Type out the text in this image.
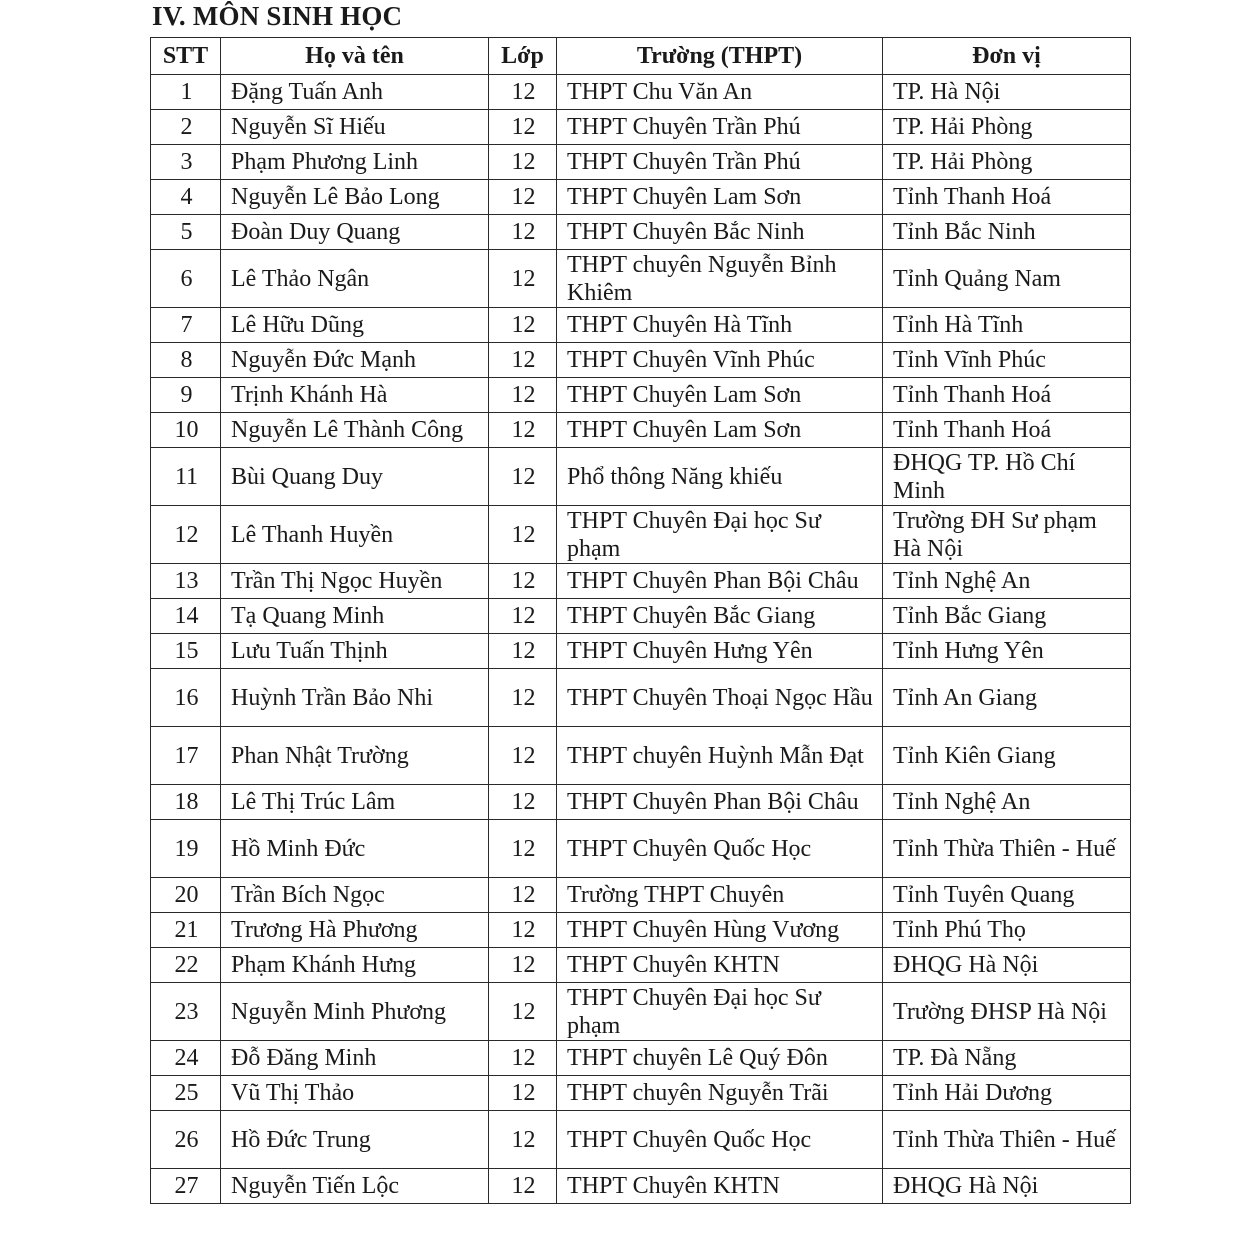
IV. MÔN SINH HỌC
STT	Họ và tên	Lớp	Trường (THPT)	Đơn vị
1	Đặng Tuấn Anh	12	THPT Chu Văn An	TP. Hà Nội
2	Nguyễn Sĩ Hiếu	12	THPT Chuyên Trần Phú	TP. Hải Phòng
3	Phạm Phương Linh	12	THPT Chuyên Trần Phú	TP. Hải Phòng
4	Nguyễn Lê Bảo Long	12	THPT Chuyên Lam Sơn	Tỉnh Thanh Hoá
5	Đoàn Duy Quang	12	THPT Chuyên Bắc Ninh	Tỉnh Bắc Ninh
6	Lê Thảo Ngân	12	THPT chuyên Nguyễn Bỉnh Khiêm	Tỉnh Quảng Nam
7	Lê Hữu Dũng	12	THPT Chuyên Hà Tĩnh	Tỉnh Hà Tĩnh
8	Nguyễn Đức Mạnh	12	THPT Chuyên Vĩnh Phúc	Tỉnh Vĩnh Phúc
9	Trịnh Khánh Hà	12	THPT Chuyên Lam Sơn	Tỉnh Thanh Hoá
10	Nguyễn Lê Thành Công	12	THPT Chuyên Lam Sơn	Tỉnh Thanh Hoá
11	Bùi Quang Duy	12	Phổ thông Năng khiếu	ĐHQG TP. Hồ Chí Minh
12	Lê Thanh Huyền	12	THPT Chuyên Đại học Sư phạm	Trường ĐH Sư phạm Hà Nội
13	Trần Thị Ngọc Huyền	12	THPT Chuyên Phan Bội Châu	Tỉnh Nghệ An
14	Tạ Quang Minh	12	THPT Chuyên Bắc Giang	Tỉnh Bắc Giang
15	Lưu Tuấn Thịnh	12	THPT Chuyên Hưng Yên	Tỉnh Hưng Yên
16	Huỳnh Trần Bảo Nhi	12	THPT Chuyên Thoại Ngọc Hầu	Tỉnh An Giang
17	Phan Nhật Trường	12	THPT chuyên Huỳnh Mẫn Đạt	Tỉnh Kiên Giang
18	Lê Thị Trúc Lâm	12	THPT Chuyên Phan Bội Châu	Tỉnh Nghệ An
19	Hồ Minh Đức	12	THPT Chuyên Quốc Học	Tỉnh Thừa Thiên - Huế
20	Trần Bích Ngọc	12	Trường THPT Chuyên	Tỉnh Tuyên Quang
21	Trương Hà Phương	12	THPT Chuyên Hùng Vương	Tỉnh Phú Thọ
22	Phạm Khánh Hưng	12	THPT Chuyên KHTN	ĐHQG Hà Nội
23	Nguyễn Minh Phương	12	THPT Chuyên Đại học Sư phạm	Trường ĐHSP Hà Nội
24	Đỗ Đăng Minh	12	THPT chuyên Lê Quý Đôn	TP. Đà Nẵng
25	Vũ Thị Thảo	12	THPT chuyên Nguyễn Trãi	Tỉnh Hải Dương
26	Hồ Đức Trung	12	THPT Chuyên Quốc Học	Tỉnh Thừa Thiên - Huế
27	Nguyễn Tiến Lộc	12	THPT Chuyên KHTN	ĐHQG Hà Nội
